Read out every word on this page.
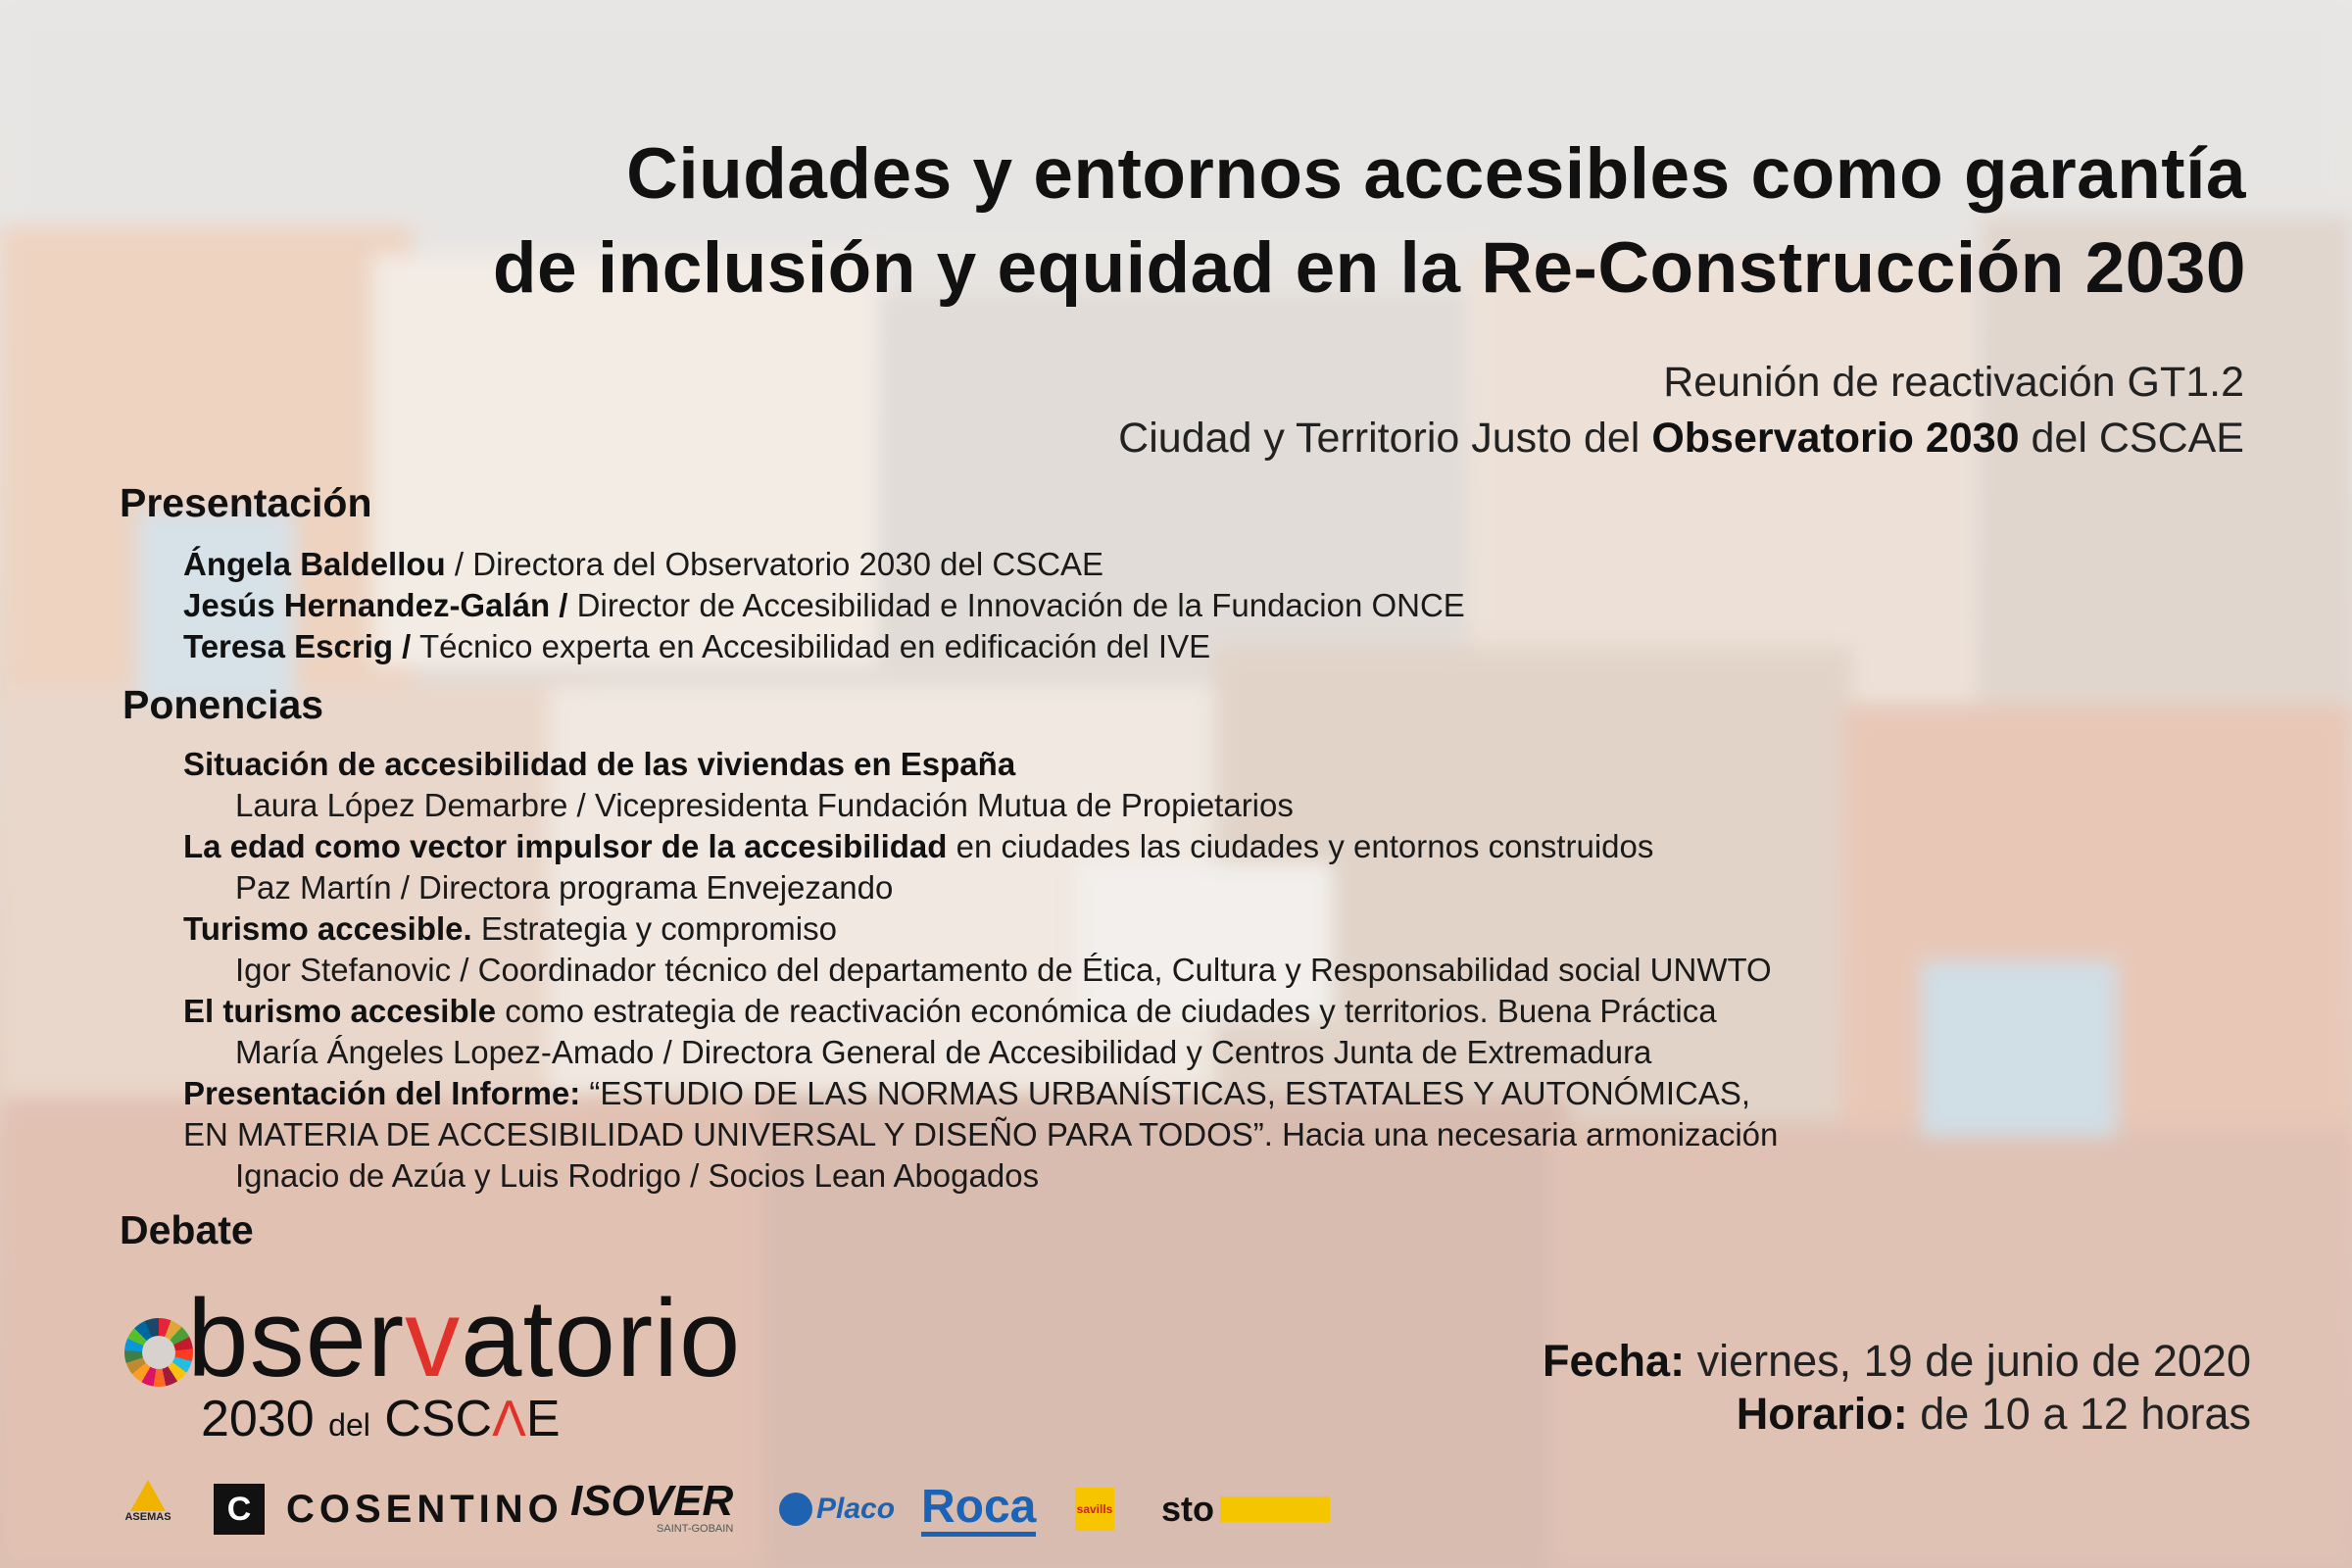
Ciudades y entornos accesibles como garantía
de inclusión y equidad en la Re-Construcción 2030
Reunión de reactivación GT1.2
Ciudad y Territorio Justo del Observatorio 2030 del CSCAE
Presentación
Ángela Baldellou / Directora del Observatorio 2030 del CSCAE
Jesús Hernandez-Galán / Director de Accesibilidad e Innovación de la Fundacion ONCE
Teresa Escrig / Técnico experta en Accesibilidad en edificación del IVE
Ponencias
Situación de accesibilidad de las viviendas en España
Laura López Demarbre / Vicepresidenta Fundación Mutua de Propietarios
La edad como vector impulsor de la accesibilidad en ciudades las ciudades y entornos construidos
Paz Martín / Directora programa Envejezando
Turismo accesible. Estrategia y compromiso
Igor Stefanovic / Coordinador técnico del departamento de Ética, Cultura y Responsabilidad social UNWTO
El turismo accesible como estrategia de reactivación económica de ciudades y territorios. Buena Práctica
María Ángeles Lopez-Amado / Directora General de Accesibilidad y Centros Junta de Extremadura
Presentación del Informe: “ESTUDIO DE LAS NORMAS URBANÍSTICAS, ESTATALES Y AUTONÓMICAS,
EN MATERIA DE ACCESIBILIDAD UNIVERSAL Y DISEÑO PARA TODOS”. Hacia una necesaria armonización
Ignacio de Azúa y Luis Rodrigo / Socios Lean Abogados
Debate
bservatorio
2030 del CSCΛE
Fecha: viernes, 19 de junio de 2020
Horario: de 10 a 12 horas
ASEMAS	C COSENTINO ISOVER
SAINT-GOBAIN
Placo Roca	savills sto
